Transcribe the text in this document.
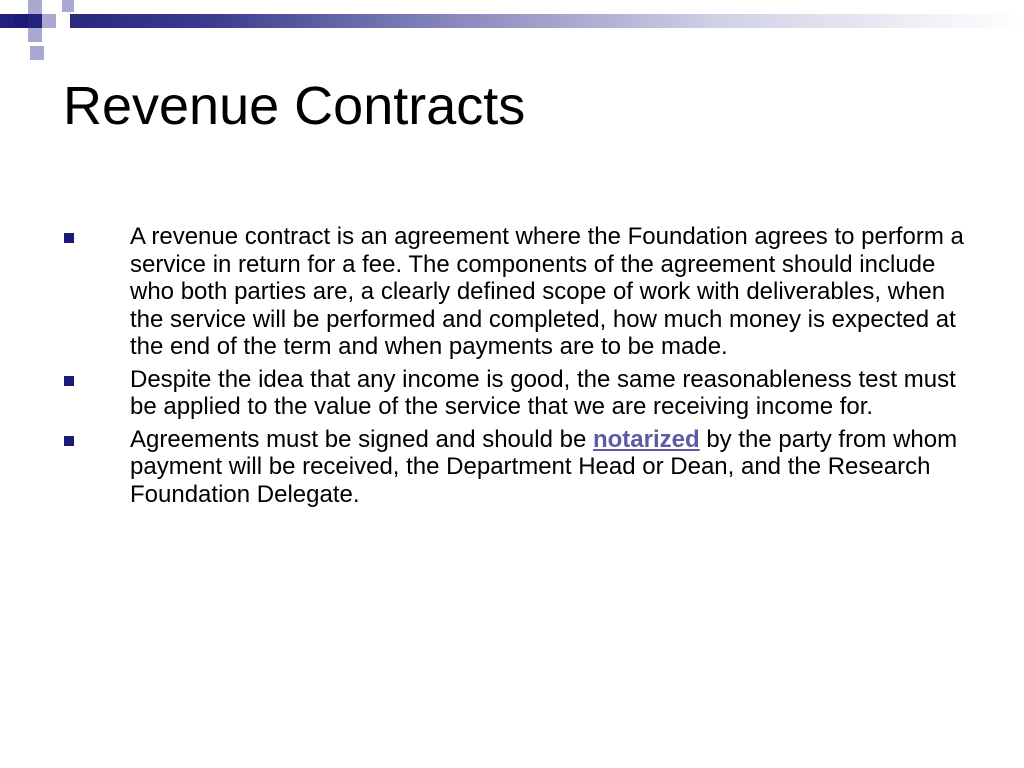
Revenue Contracts
A revenue contract is an agreement where the Foundation agrees to perform a service in return for a fee. The components of the agreement should include who both parties are, a clearly defined scope of work with deliverables, when the service will be performed and completed, how much money is expected at the end of the term and when payments are to be made.
Despite the idea that any income is good, the same reasonableness test must be applied to the value of the service that we are receiving income for.
Agreements must be signed and should be notarized by the party from whom payment will be received, the Department Head or Dean, and the Research Foundation Delegate.
